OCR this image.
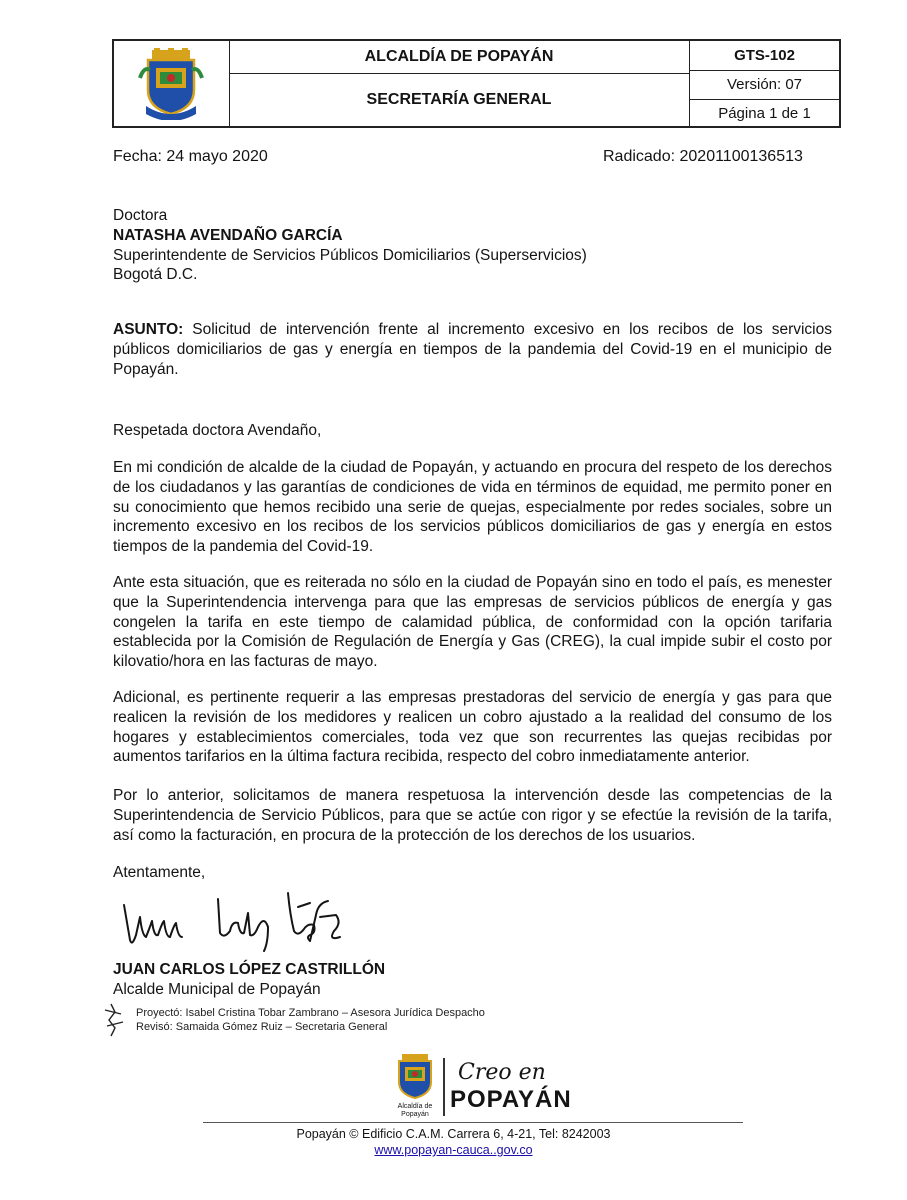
ALCALDÍA DE POPAYÁN
SECRETARÍA GENERAL
GTS-102
Versión: 07
Página 1 de 1
Fecha: 24 mayo 2020	Radicado: 20201100136513
Doctora
NATASHA AVENDAÑO GARCÍA
Superintendente de Servicios Públicos Domiciliarios (Superservicios)
Bogotá D.C.
ASUNTO: Solicitud de intervención frente al incremento excesivo en los recibos de los servicios públicos domiciliarios de gas y energía en tiempos de la pandemia del Covid-19 en el municipio de Popayán.
Respetada doctora Avendaño,
En mi condición de alcalde de la ciudad de Popayán, y actuando en procura del respeto de los derechos de los ciudadanos y las garantías de condiciones de vida en términos de equidad, me permito poner en su conocimiento que hemos recibido una serie de quejas, especialmente por redes sociales, sobre un incremento excesivo en los recibos de los servicios públicos domiciliarios de gas y energía en estos tiempos de la pandemia del Covid-19.
Ante esta situación, que es reiterada no sólo en la ciudad de Popayán sino en todo el país, es menester que la Superintendencia intervenga para que las empresas de servicios públicos de energía y gas congelen la tarifa en este tiempo de calamidad pública, de conformidad con la opción tarifaria establecida por la Comisión de Regulación de Energía y Gas (CREG), la cual impide subir el costo por kilovatio/hora en las facturas de mayo.
Adicional, es pertinente requerir a las empresas prestadoras del servicio de energía y gas para que realicen la revisión de los medidores y realicen un cobro ajustado a la realidad del consumo de los hogares y establecimientos comerciales, toda vez que son recurrentes las quejas recibidas por aumentos tarifarios en la última factura recibida, respecto del cobro inmediatamente anterior.
Por lo anterior, solicitamos de manera respetuosa la intervención desde las competencias de la Superintendencia de Servicio Públicos, para que se actúe con rigor y se efectúe la revisión de la tarifa, así como la facturación, en procura de la protección de los derechos de los usuarios.
Atentamente,
JUAN CARLOS LÓPEZ CASTRILLÓN
Alcalde Municipal de Popayán
Proyectó: Isabel Cristina Tobar Zambrano – Asesora Jurídica Despacho
Revisó: Samaida Gómez Ruiz – Secretaria General
Alcaldía de Popayán
Creo en
POPAYÁN
Popayán © Edificio C.A.M. Carrera 6, 4-21, Tel: 8242003
www.popayan-cauca..gov.co
